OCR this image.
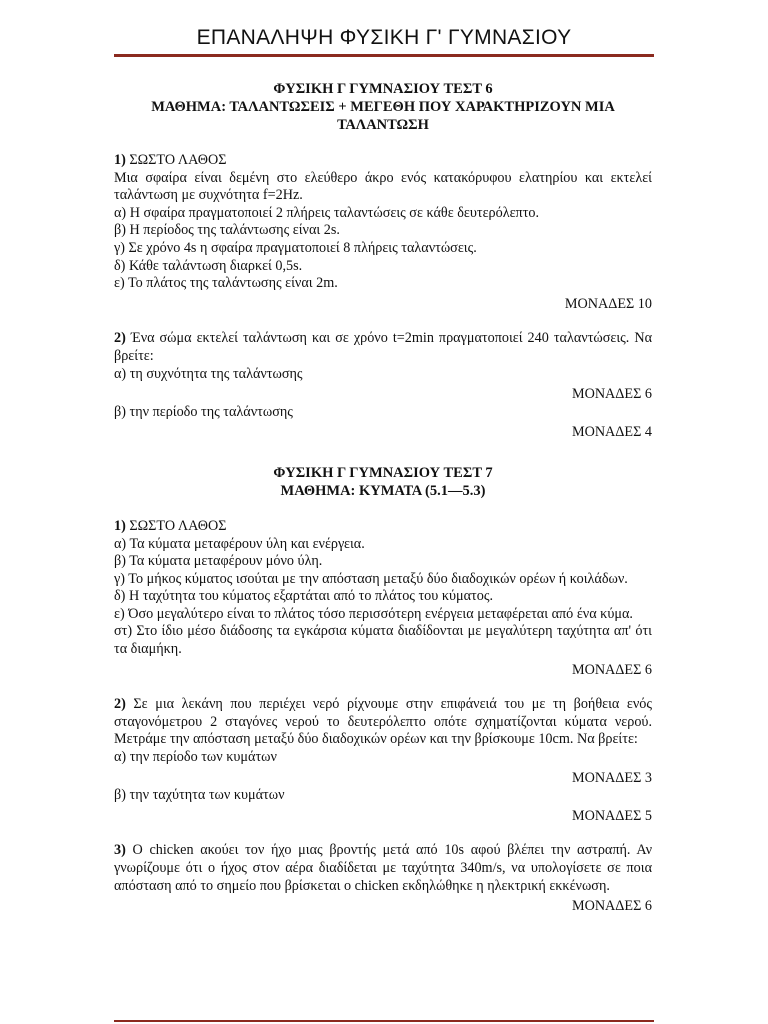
ΕΠΑΝΑΛΗΨΗ ΦΥΣΙΚΗ Γ' ΓΥΜΝΑΣΙΟΥ
ΦΥΣΙΚΗ Γ ΓΥΜΝΑΣΙΟΥ ΤΕΣΤ 6
ΜΑΘΗΜΑ: ΤΑΛΑΝΤΩΣΕΙΣ + ΜΕΓΕΘΗ ΠΟΥ ΧΑΡΑΚΤΗΡΙΖΟΥΝ ΜΙΑ ΤΑΛΑΝΤΩΣΗ

1) ΣΩΣΤΟ ΛΑΘΟΣ

Μια σφαίρα είναι δεμένη στο ελεύθερο άκρο ενός κατακόρυφου ελατηρίου και εκτελεί ταλάντωση με συχνότητα f=2Hz.

α) Η σφαίρα πραγματοποιεί 2 πλήρεις ταλαντώσεις σε κάθε δευτερόλεπτο.

β) Η περίοδος της ταλάντωσης είναι 2s.

γ) Σε χρόνο 4s η σφαίρα πραγματοποιεί 8 πλήρεις ταλαντώσεις.

δ) Κάθε ταλάντωση διαρκεί 0,5s.

ε) Το πλάτος της ταλάντωσης είναι 2m.

ΜΟΝΑΔΕΣ 10

2) Ένα σώμα εκτελεί ταλάντωση και σε χρόνο t=2min πραγματοποιεί 240 ταλαντώσεις. Να βρείτε:

α) τη συχνότητα της ταλάντωσης

ΜΟΝΑΔΕΣ 6

β) την περίοδο της ταλάντωσης

ΜΟΝΑΔΕΣ 4

ΦΥΣΙΚΗ Γ ΓΥΜΝΑΣΙΟΥ ΤΕΣΤ 7
ΜΑΘΗΜΑ: ΚΥΜΑΤΑ (5.1—5.3)

1) ΣΩΣΤΟ ΛΑΘΟΣ

α) Τα κύματα μεταφέρουν ύλη και ενέργεια.

β) Τα κύματα μεταφέρουν μόνο ύλη.

γ) Το μήκος κύματος ισούται με την απόσταση μεταξύ δύο διαδοχικών ορέων ή κοιλάδων.

δ) Η ταχύτητα του κύματος εξαρτάται από το πλάτος του κύματος.

ε) Όσο μεγαλύτερο είναι το πλάτος τόσο περισσότερη ενέργεια μεταφέρεται από ένα κύμα.

στ) Στο ίδιο μέσο διάδοσης τα εγκάρσια κύματα διαδίδονται με μεγαλύτερη ταχύτητα απ' ότι τα διαμήκη.

ΜΟΝΑΔΕΣ 6

2) Σε μια λεκάνη που περιέχει νερό ρίχνουμε στην επιφάνειά του με τη βοήθεια ενός σταγονόμετρου 2 σταγόνες νερού το δευτερόλεπτο οπότε σχηματίζονται κύματα νερού. Μετράμε την απόσταση μεταξύ δύο διαδοχικών ορέων και την βρίσκουμε 10cm. Να βρείτε:

α) την περίοδο των κυμάτων

ΜΟΝΑΔΕΣ 3

β) την ταχύτητα των κυμάτων

ΜΟΝΑΔΕΣ 5

3) Ο chicken ακούει τον ήχο μιας βροντής μετά από 10s αφού βλέπει την αστραπή. Αν γνωρίζουμε ότι ο ήχος στον αέρα διαδίδεται με ταχύτητα 340m/s, να υπολογίσετε σε ποια απόσταση από το σημείο που βρίσκεται ο chicken εκδηλώθηκε η ηλεκτρική εκκένωση.

ΜΟΝΑΔΕΣ 6
